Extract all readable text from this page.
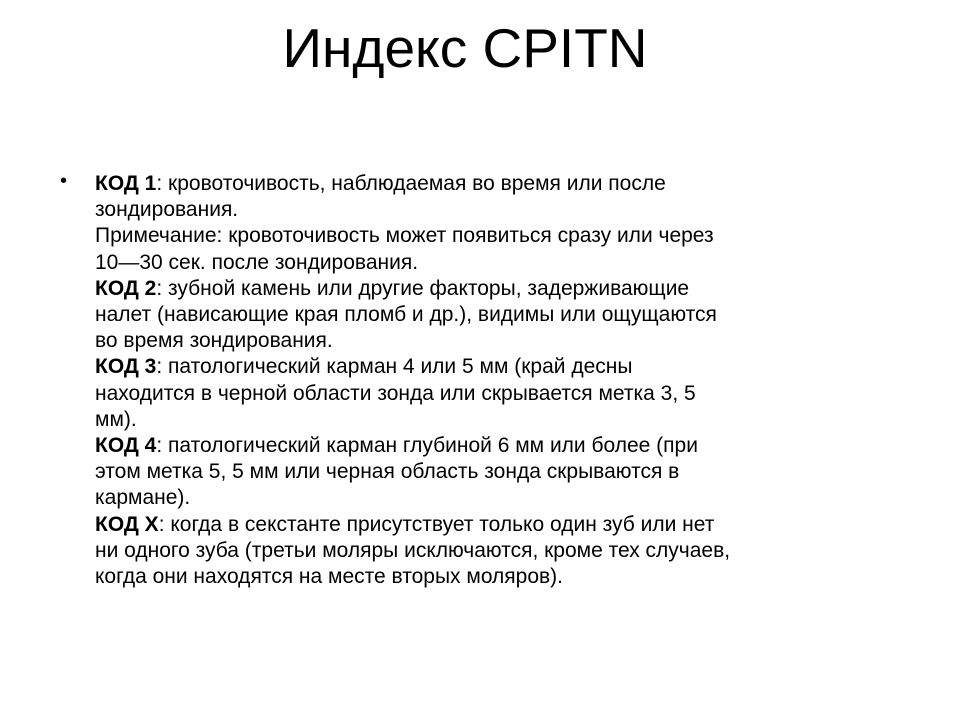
Индекс CPITN
• КОД 1: кровоточивость, наблюдаемая во время или после
зондирования.
Примечание: кровоточивость может появиться сразу или через
10—30 сек. после зондирования.
КОД 2: зубной камень или другие факторы, задерживающие
налет (нависающие края пломб и др.), видимы или ощущаются
во время зондирования.
КОД 3: патологический карман 4 или 5 мм (край десны
находится в черной области зонда или скрывается метка 3, 5
мм).
КОД 4: патологический карман глубиной 6 мм или более (при
этом метка 5, 5 мм или черная область зонда скрываются в
кармане).
КОД X: когда в секстанте присутствует только один зуб или нет
ни одного зуба (третьи моляры исключаются, кроме тех случаев,
когда они находятся на месте вторых моляров).
